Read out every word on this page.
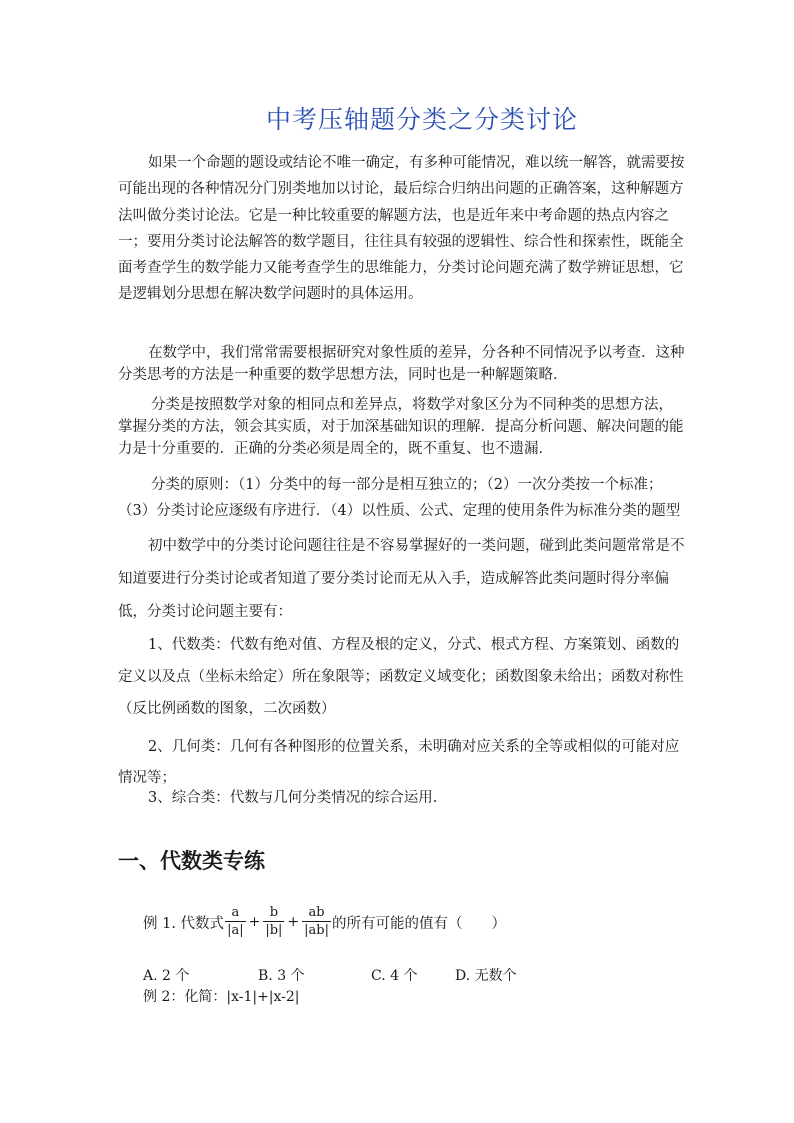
中考压轴题分类之分类讨论

如果一个命题的题设或结论不唯一确定，有多种可能情况，难以统一解答，就需要按可能出现的各种情况分门别类地加以讨论，最后综合归纳出问题的正确答案，这种解题方法叫做分类讨论法。它是一种比较重要的解题方法，也是近年来中考命题的热点内容之一；要用分类讨论法解答的数学题目，往往具有较强的逻辑性、综合性和探索性，既能全面考查学生的数学能力又能考查学生的思维能力，分类讨论问题充满了数学辨证思想，它是逻辑划分思想在解决数学问题时的具体运用。

在数学中，我们常常需要根据研究对象性质的差异，分各种不同情况予以考查．这种分类思考的方法是一种重要的数学思想方法，同时也是一种解题策略．

分类是按照数学对象的相同点和差异点，将数学对象区分为不同种类的思想方法，掌握分类的方法，领会其实质，对于加深基础知识的理解．提高分析问题、解决问题的能力是十分重要的．正确的分类必须是周全的，既不重复、也不遗漏．

分类的原则：（1）分类中的每一部分是相互独立的；（2）一次分类按一个标准；（3）分类讨论应逐级有序进行．（4）以性质、公式、定理的使用条件为标准分类的题型

初中数学中的分类讨论问题往往是不容易掌握好的一类问题，碰到此类问题常常是不知道要进行分类讨论或者知道了要分类讨论而无从入手，造成解答此类问题时得分率偏低，分类讨论问题主要有：

1、代数类：代数有绝对值、方程及根的定义，分式、根式方程、方案策划、函数的定义以及点（坐标未给定）所在象限等；函数定义域变化；函数图象未给出；函数对称性（反比例函数的图象，二次函数）

2、几何类：几何有各种图形的位置关系，未明确对应关系的全等或相似的可能对应情况等；

3、综合类：代数与几何分类情况的综合运用.

一、代数类专练
例 1. 代数式 $\frac{a}{|a|} + \frac{b}{|b|} + \frac{ab}{|ab|}$ 的所有可能的值有（　　）
A. 2 个	B. 3 个	C. 4 个	D. 无数个
例 2：化简：|x-1|+|x-2|
